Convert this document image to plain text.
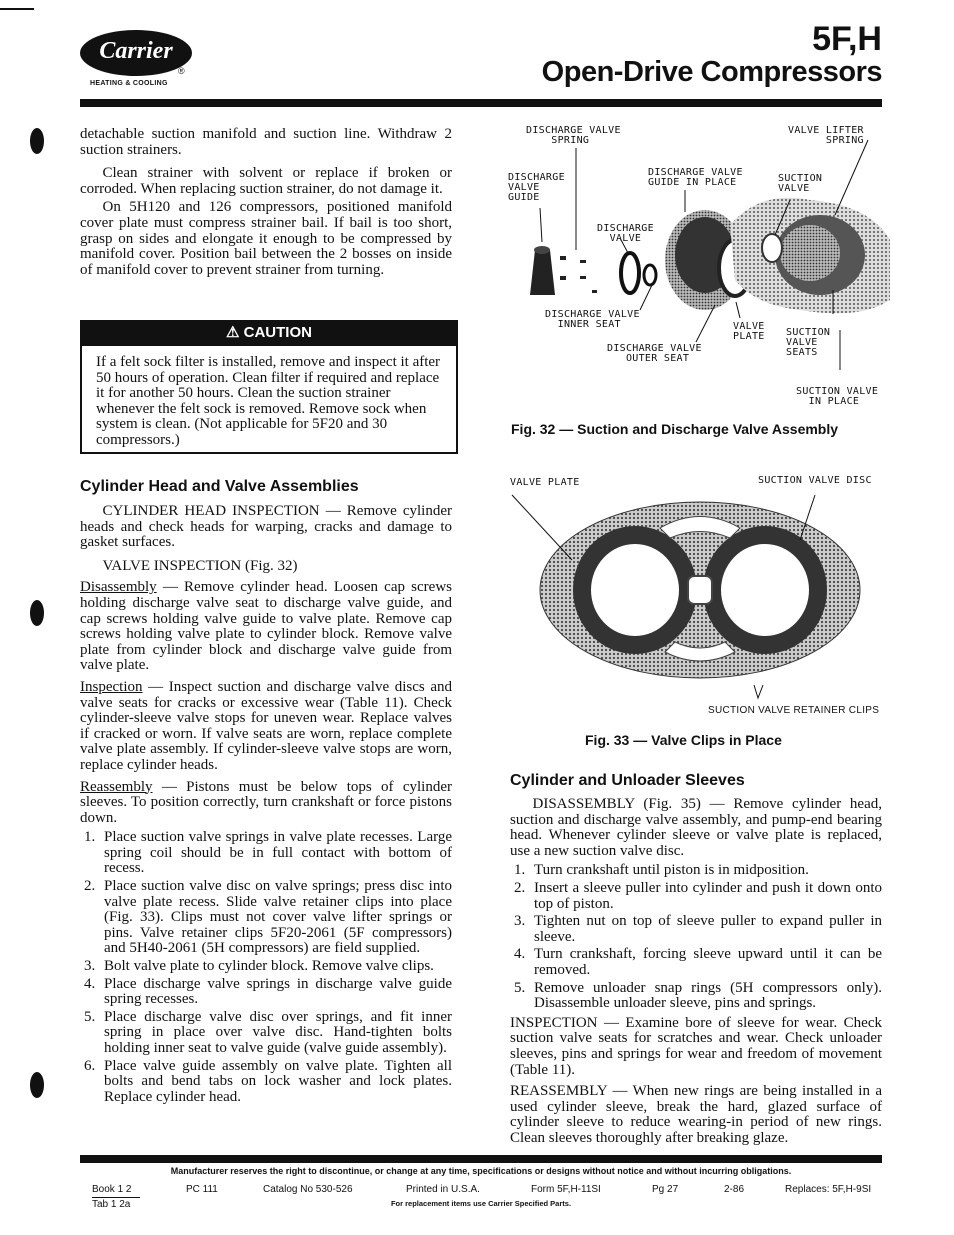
Carrier
®
HEATING & COOLING
5F,H
Open-Drive Compressors

detachable suction manifold and suction line. Withdraw 2 suction strainers.

Clean strainer with solvent or replace if broken or corroded. When replacing suction strainer, do not damage it.

On 5H120 and 126 compressors, positioned manifold cover plate must compress strainer bail. If bail is too short, grasp on sides and elongate it enough to be compressed by manifold cover. Position bail between the 2 bosses on inside of manifold cover to prevent strainer from turning.

⚠ CAUTION
If a felt sock filter is installed, remove and inspect it after 50 hours of operation. Clean filter if required and replace it for another 50 hours. Clean the suction strainer whenever the felt sock is removed. Remove sock when system is clean. (Not applicable for 5F20 and 30 compressors.)
Cylinder Head and Valve Assemblies

CYLINDER HEAD INSPECTION — Remove cylinder heads and check heads for warping, cracks and damage to gasket surfaces.

VALVE INSPECTION (Fig. 32)

Disassembly — Remove cylinder head. Loosen cap screws holding discharge valve seat to discharge valve guide, and cap screws holding valve guide to valve plate. Remove cap screws holding valve plate to cylinder block. Remove valve plate from cylinder block and discharge valve guide from valve plate.

Inspection — Inspect suction and discharge valve discs and valve seats for cracks or excessive wear (Table 11). Check cylinder-sleeve valve stops for uneven wear. Replace valves if cracked or worn. If valve seats are worn, replace complete valve plate assembly. If cylinder-sleeve valve stops are worn, replace cylinder heads.

Reassembly — Pistons must be below tops of cylinder sleeves. To position correctly, turn crankshaft or force pistons down.

1. Place suction valve springs in valve plate recesses. Large spring coil should be in full contact with bottom of recess.
2. Place suction valve disc on valve springs; press disc into valve plate recess. Slide valve retainer clips into place (Fig. 33). Clips must not cover valve lifter springs or pins. Valve retainer clips 5F20-2061 (5F compressors) and 5H40-2061 (5H compressors) are field supplied.
3. Bolt valve plate to cylinder block. Remove valve clips.
4. Place discharge valve springs in discharge valve guide spring recesses.
5. Place discharge valve disc over springs, and fit inner spring in place over valve disc. Hand-tighten bolts holding inner seat to valve guide (valve guide assembly).
6. Place valve guide assembly on valve plate. Tighten all bolts and bend tabs on lock washer and lock plates. Replace cylinder head.
DISCHARGE VALVE
SPRING
VALVE LIFTER
SPRING
DISCHARGE
VALVE
GUIDE
DISCHARGE VALVE
GUIDE IN PLACE	SUCTION
VALVE
DISCHARGE
VALVE
DISCHARGE VALVE
INNER SEAT	VALVE
PLATE SUCTION
VALVE
SEATS
DISCHARGE VALVE
OUTER SEAT
SUCTION VALVE
IN PLACE
Fig. 32 — Suction and Discharge Valve Assembly
VALVE PLATE	SUCTION VALVE DISC
SUCTION VALVE RETAINER CLIPS
Fig. 33 — Valve Clips in Place
Cylinder and Unloader Sleeves

DISASSEMBLY (Fig. 35) — Remove cylinder head, suction and discharge valve assembly, and pump-end bearing head. Whenever cylinder sleeve or valve plate is replaced, use a new suction valve disc.

1. Turn crankshaft until piston is in midposition.
2. Insert a sleeve puller into cylinder and push it down onto top of piston.
3. Tighten nut on top of sleeve puller to expand puller in sleeve.
4. Turn crankshaft, forcing sleeve upward until it can be removed.
5. Remove unloader snap rings (5H compressors only). Disassemble unloader sleeve, pins and springs.

INSPECTION — Examine bore of sleeve for wear. Check suction valve seats for scratches and wear. Check unloader sleeves, pins and springs for wear and freedom of movement (Table 11).

REASSEMBLY — When new rings are being installed in a used cylinder sleeve, break the hard, glazed surface of cylinder sleeve to reduce wearing-in period of new rings. Clean sleeves thoroughly after breaking glaze.

Manufacturer reserves the right to discontinue, or change at any time, specifications or designs without notice and without incurring obligations.
Book 1 2
Tab 1 2a
PC 111	Catalog No 530-526	Printed in U.S.A.	Form 5F,H-11SI	Pg 27	2-86	Replaces: 5F,H-9SI
For replacement items use Carrier Specified Parts.
